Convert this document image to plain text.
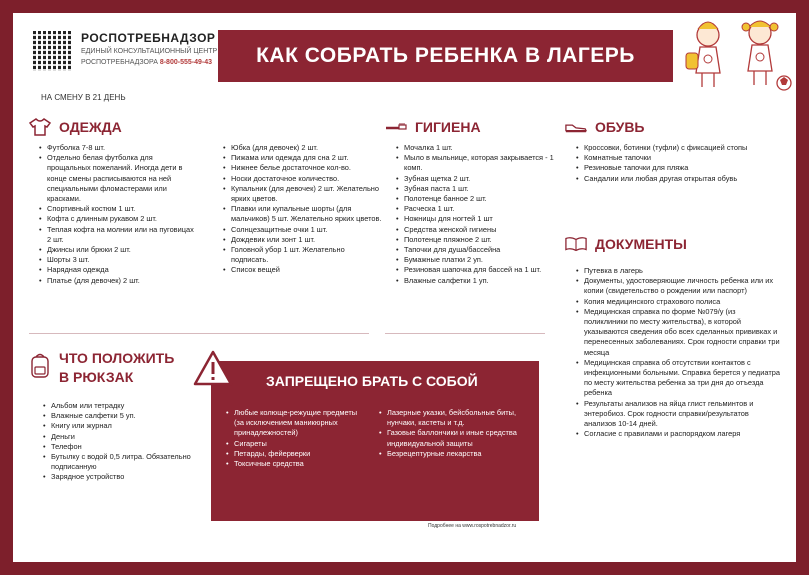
РОСПОТРЕБНАДЗОР
ЕДИНЫЙ КОНСУЛЬТАЦИОННЫЙ ЦЕНТР
РОСПОТРЕБНАДЗОРА 8-800-555-49-43
НА СМЕНУ В 21 ДЕНЬ
КАК СОБРАТЬ РЕБЕНКА В ЛАГЕРЬ
ОДЕЖДА
• Футболка 7-8 шт.
• Отдельно белая футболка для прощальных пожеланий. Иногда дети в конце смены расписываются на ней специальными фломастерами или красками.
• Спортивный костюм 1 шт.
• Кофта с длинным рукавом 2 шт.
• Теплая кофта на молнии или на пуговицах 2 шт.
• Джинсы или брюки 2 шт.
• Шорты 3 шт.
• Нарядная одежда
• Платье (для девочек) 2 шт.
• Юбка (для девочек) 2 шт.
• Пижама или одежда для сна 2 шт.
• Нижнее белье достаточное кол-во.
• Носки достаточное количество.
• Купальник (для девочек) 2 шт. Желательно ярких цветов.
• Плавки или купальные шорты (для мальчиков) 5 шт. Желательно ярких цветов.
• Солнцезащитные очки 1 шт.
• Дождевик или зонт 1 шт.
• Головной убор 1 шт. Желательно подписать.
• Список вещей
ГИГИЕНА
• Мочалка 1 шт.
• Мыло в мыльнице, которая закрывается - 1 комп.
• Зубная щетка 2 шт.
• Зубная паста 1 шт.
• Полотенце банное 2 шт.
• Расческа 1 шт.
• Ножницы для ногтей 1 шт
• Средства женской гигиены
• Полотенце пляжное 2 шт.
• Тапочки для душа/бассейна
• Бумажные платки 2 уп.
• Резиновая шапочка для бассей на 1 шт.
• Влажные салфетки 1 уп.
ОБУВЬ
• Кроссовки, ботинки (туфли) с фиксацией стопы
• Комнатные тапочки
• Резиновые тапочки для пляжа
• Сандалии или любая другая открытая обувь
ДОКУМЕНТЫ
• Путевка в лагерь
• Документы, удостоверяющие личность ребенка или их копии (свидетельство о рождении или паспорт)
• Копия медицинского страхового полиса
• Медицинская справка по форме №079/у (из поликлиники по месту жительства), в которой указываются сведения обо всех сделанных прививках и перенесенных заболеваниях. Срок годности справки три месяца
• Медицинская справка об отсутствии контактов с инфекционными больными. Справка берется у педиатра по месту жительства ребенка за три дня до отъезда ребенка
• Результаты анализов на яйца глист гельминтов и энтеробиоз. Срок годности справки/результатов анализов 10-14 дней.
• Согласие с правилами и распорядком лагеря
ЧТО ПОЛОЖИТЬ
В РЮКЗАК
• Альбом или тетрадку
• Влажные салфетки 5 уп.
• Книгу или журнал
• Деньги
• Телефон
• Бутылку с водой 0,5 литра. Обязательно подписанную
• Зарядное устройство
ЗАПРЕЩЕНО БРАТЬ С СОБОЙ
• Любые колюще-режущие предметы (за исключением маникюрных принадлежностей)
• Сигареты
• Петарды, фейерверки
• Токсичные средства
• Лазерные указки, бейсбольные биты, нунчаки, кастеты и т.д.
• Газовые баллончики и иные средства индивидуальной защиты
• Безрецептурные лекарства
Подробнее на www.rospotrebnadzor.ru
